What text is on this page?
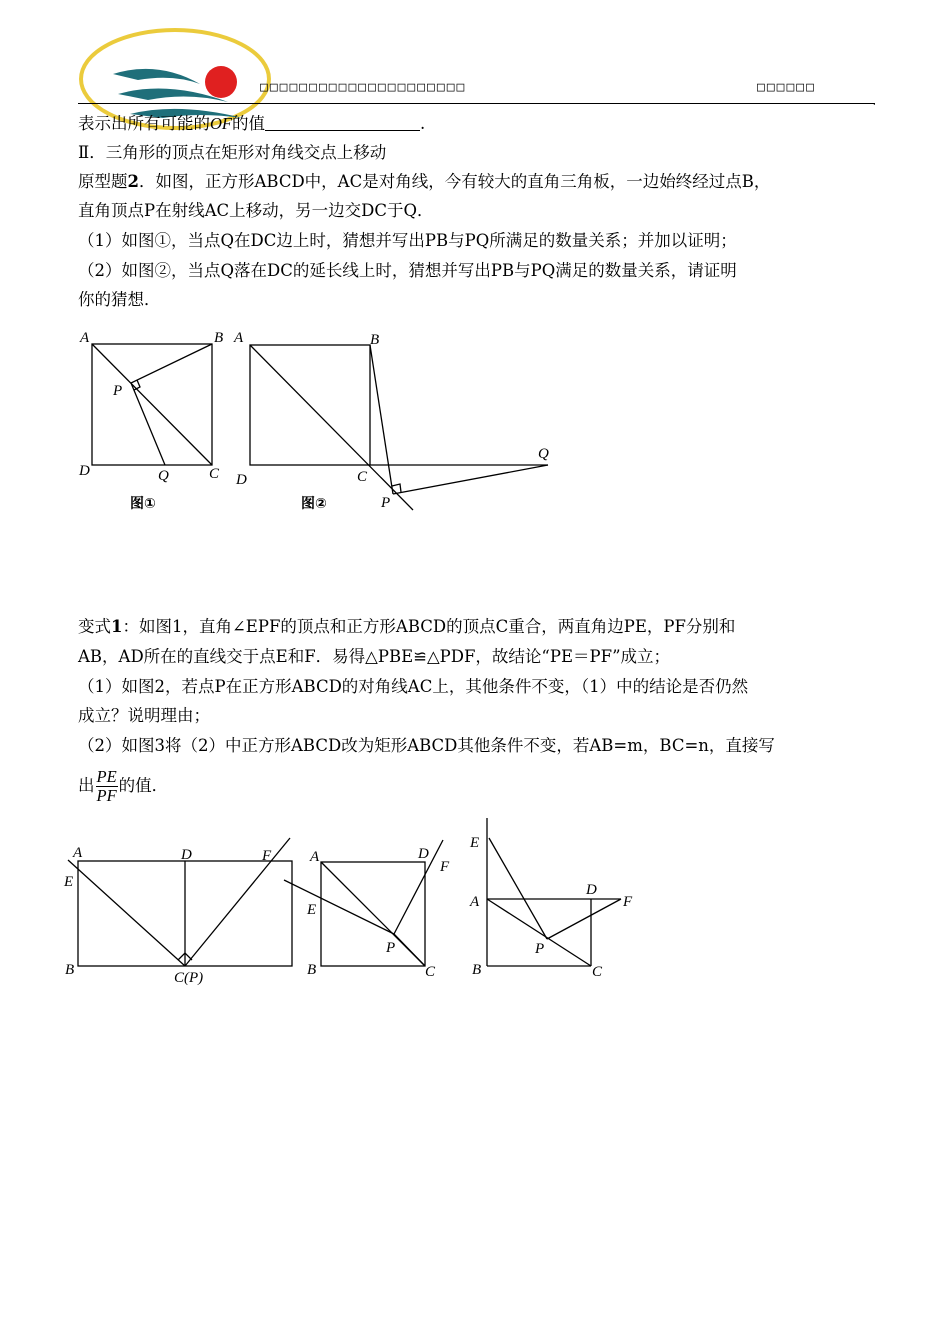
□□□□□□□□□□□□□□□□□□□□□	□□□□□□
.
表示出所有可能的OF的值	.
Ⅱ．三角形的顶点在矩形对角线交点上移动
原型题2．如图，正方形ABCD中，AC是对角线，今有较大的直角三角板，一边始终经过点B，
直角顶点P在射线AC上移动，另一边交DC于Q．
（1）如图①，当点Q在DC边上时，猜想并写出PB与PQ所满足的数量关系；并加以证明；
（2）如图②，当点Q落在DC的延长线上时，猜想并写出PB与PQ满足的数量关系，请证明
你的猜想．
A	B
C
D
P
Q
图①
A	B
C
D
P
Q
图②
变式1：如图1，直角∠EPF的顶点和正方形ABCD的顶点C重合，两直角边PE，PF分别和
AB，AD所在的直线交于点E和F．易得△PBE≌△PDF，故结论“PE＝PF”成立；
（1）如图2，若点P在正方形ABCD的对角线AC上，其他条件不变，（1）中的结论是否仍然
成立？说明理由；
（2）如图3将（2）中正方形ABCD改为矩形ABCD其他条件不变，若AB=m，BC=n，直接写
出 $\frac{PE}{PF}$ 的值．
A	D	F
E
B	C(P)
A	D
F
E
P
B	C
E
A
D
F
P
B	C
